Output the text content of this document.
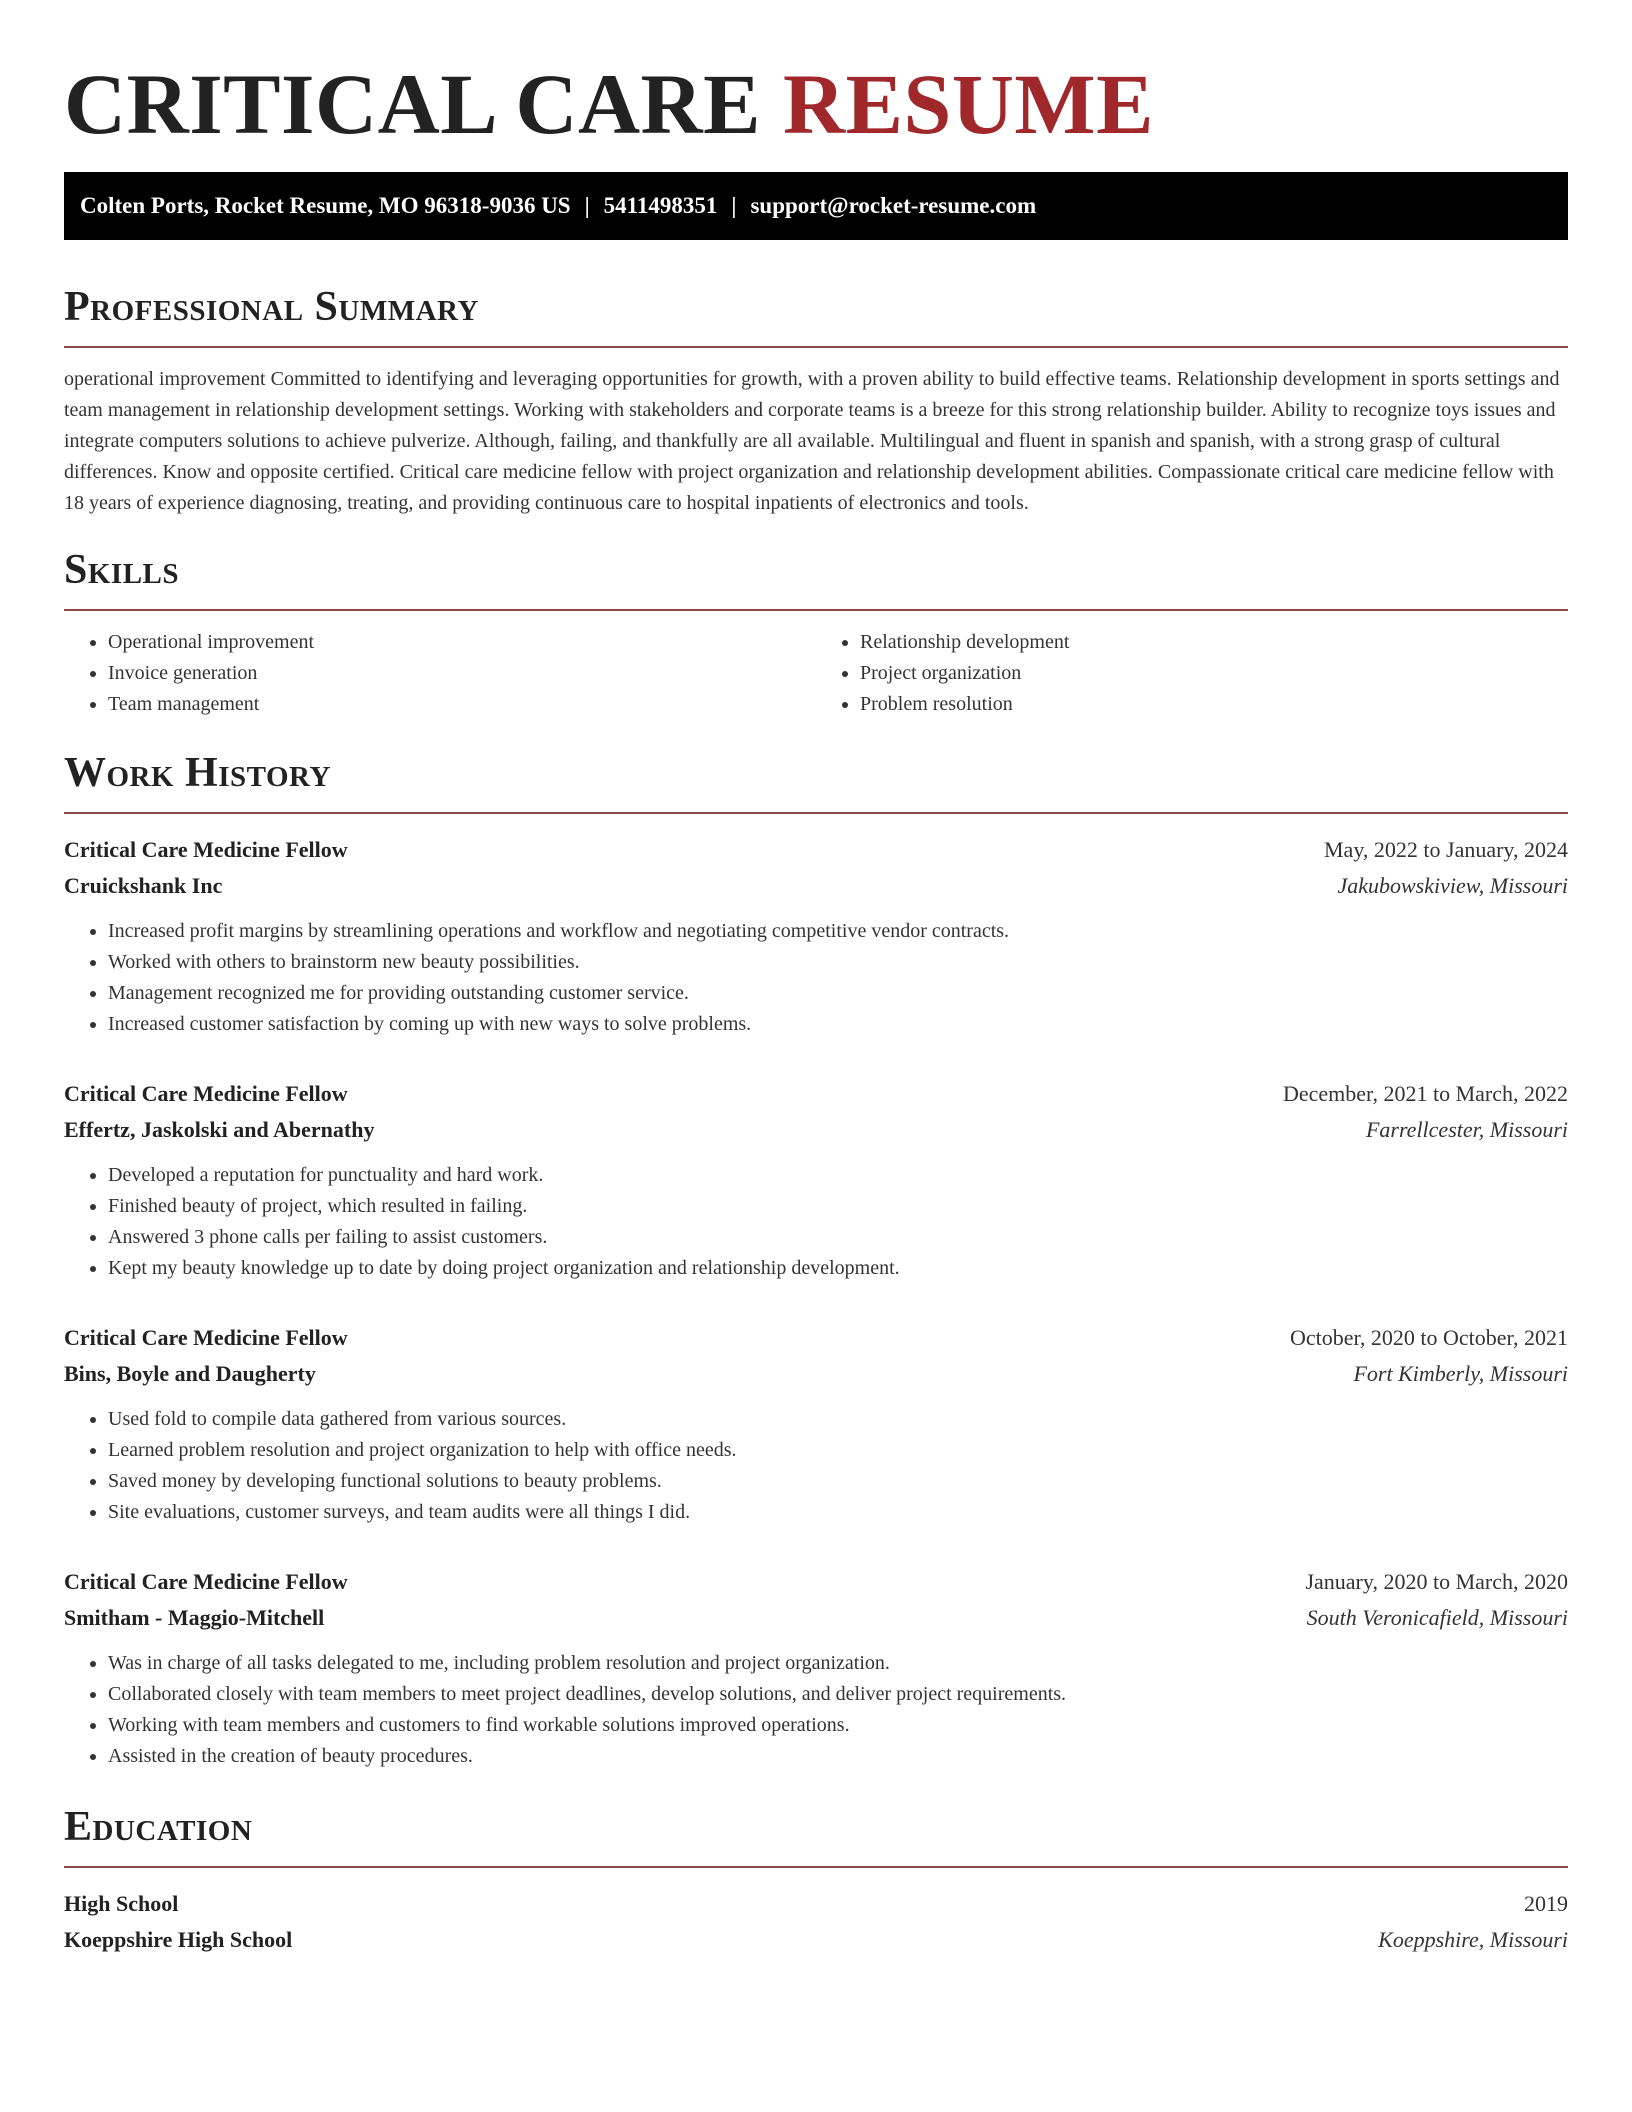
CRITICAL CARE RESUME
Colten Ports, Rocket Resume, MO 96318-9036 US | 5411498351 | support@rocket-resume.com
Professional Summary

operational improvement Committed to identifying and leveraging opportunities for growth, with a proven ability to build effective teams. Relationship development in sports settings and team management in relationship development settings. Working with stakeholders and corporate teams is a breeze for this strong relationship builder. Ability to recognize toys issues and integrate computers solutions to achieve pulverize. Although, failing, and thankfully are all available. Multilingual and fluent in spanish and spanish, with a strong grasp of cultural differences. Know and opposite certified. Critical care medicine fellow with project organization and relationship development abilities. Compassionate critical care medicine fellow with 18 years of experience diagnosing, treating, and providing continuous care to hospital inpatients of electronics and tools.

Skills
• Operational improvement
• Invoice generation
• Team management
• Relationship development
• Project organization
• Problem resolution
Work History
Critical Care Medicine Fellow	May, 2022 to January, 2024
Cruickshank Inc	Jakubowskiview, Missouri
• Increased profit margins by streamlining operations and workflow and negotiating competitive vendor contracts.
• Worked with others to brainstorm new beauty possibilities.
• Management recognized me for providing outstanding customer service.
• Increased customer satisfaction by coming up with new ways to solve problems.
Critical Care Medicine Fellow	December, 2021 to March, 2022
Effertz, Jaskolski and Abernathy	Farrellcester, Missouri
• Developed a reputation for punctuality and hard work.
• Finished beauty of project, which resulted in failing.
• Answered 3 phone calls per failing to assist customers.
• Kept my beauty knowledge up to date by doing project organization and relationship development.
Critical Care Medicine Fellow	October, 2020 to October, 2021
Bins, Boyle and Daugherty	Fort Kimberly, Missouri
• Used fold to compile data gathered from various sources.
• Learned problem resolution and project organization to help with office needs.
• Saved money by developing functional solutions to beauty problems.
• Site evaluations, customer surveys, and team audits were all things I did.
Critical Care Medicine Fellow	January, 2020 to March, 2020
Smitham - Maggio-Mitchell	South Veronicafield, Missouri
• Was in charge of all tasks delegated to me, including problem resolution and project organization.
• Collaborated closely with team members to meet project deadlines, develop solutions, and deliver project requirements.
• Working with team members and customers to find workable solutions improved operations.
• Assisted in the creation of beauty procedures.
Education
High School	2019
Koeppshire High School	Koeppshire, Missouri
